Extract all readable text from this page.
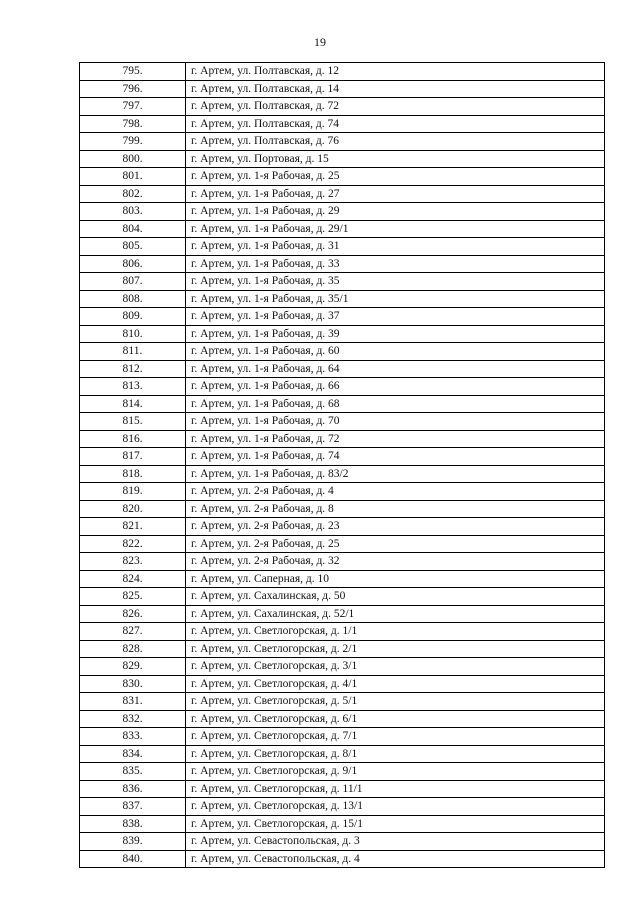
19
795.	г. Артем, ул. Полтавская, д. 12
796.	г. Артем, ул. Полтавская, д. 14
797.	г. Артем, ул. Полтавская, д. 72
798.	г. Артем, ул. Полтавская, д. 74
799.	г. Артем, ул. Полтавская, д. 76
800.	г. Артем, ул. Портовая, д. 15
801.	г. Артем, ул. 1-я Рабочая, д. 25
802.	г. Артем, ул. 1-я Рабочая, д. 27
803.	г. Артем, ул. 1-я Рабочая, д. 29
804.	г. Артем, ул. 1-я Рабочая, д. 29/1
805.	г. Артем, ул. 1-я Рабочая, д. 31
806.	г. Артем, ул. 1-я Рабочая, д. 33
807.	г. Артем, ул. 1-я Рабочая, д. 35
808.	г. Артем, ул. 1-я Рабочая, д. 35/1
809.	г. Артем, ул. 1-я Рабочая, д. 37
810.	г. Артем, ул. 1-я Рабочая, д. 39
811.	г. Артем, ул. 1-я Рабочая, д. 60
812.	г. Артем, ул. 1-я Рабочая, д. 64
813.	г. Артем, ул. 1-я Рабочая, д. 66
814.	г. Артем, ул. 1-я Рабочая, д. 68
815.	г. Артем, ул. 1-я Рабочая, д. 70
816.	г. Артем, ул. 1-я Рабочая, д. 72
817.	г. Артем, ул. 1-я Рабочая, д. 74
818.	г. Артем, ул. 1-я Рабочая, д. 83/2
819.	г. Артем, ул. 2-я Рабочая, д. 4
820.	г. Артем, ул. 2-я Рабочая, д. 8
821.	г. Артем, ул. 2-я Рабочая, д. 23
822.	г. Артем, ул. 2-я Рабочая, д. 25
823.	г. Артем, ул. 2-я Рабочая, д. 32
824.	г. Артем, ул. Саперная, д. 10
825.	г. Артем, ул. Сахалинская, д. 50
826.	г. Артем, ул. Сахалинская, д. 52/1
827.	г. Артем, ул. Светлогорская, д. 1/1
828.	г. Артем, ул. Светлогорская, д. 2/1
829.	г. Артем, ул. Светлогорская, д. 3/1
830.	г. Артем, ул. Светлогорская, д. 4/1
831.	г. Артем, ул. Светлогорская, д. 5/1
832.	г. Артем, ул. Светлогорская, д. 6/1
833.	г. Артем, ул. Светлогорская, д. 7/1
834.	г. Артем, ул. Светлогорская, д. 8/1
835.	г. Артем, ул. Светлогорская, д. 9/1
836.	г. Артем, ул. Светлогорская, д. 11/1
837.	г. Артем, ул. Светлогорская, д. 13/1
838.	г. Артем, ул. Светлогорская, д. 15/1
839.	г. Артем, ул. Севастопольская, д. 3
840.	г. Артем, ул. Севастопольская, д. 4
